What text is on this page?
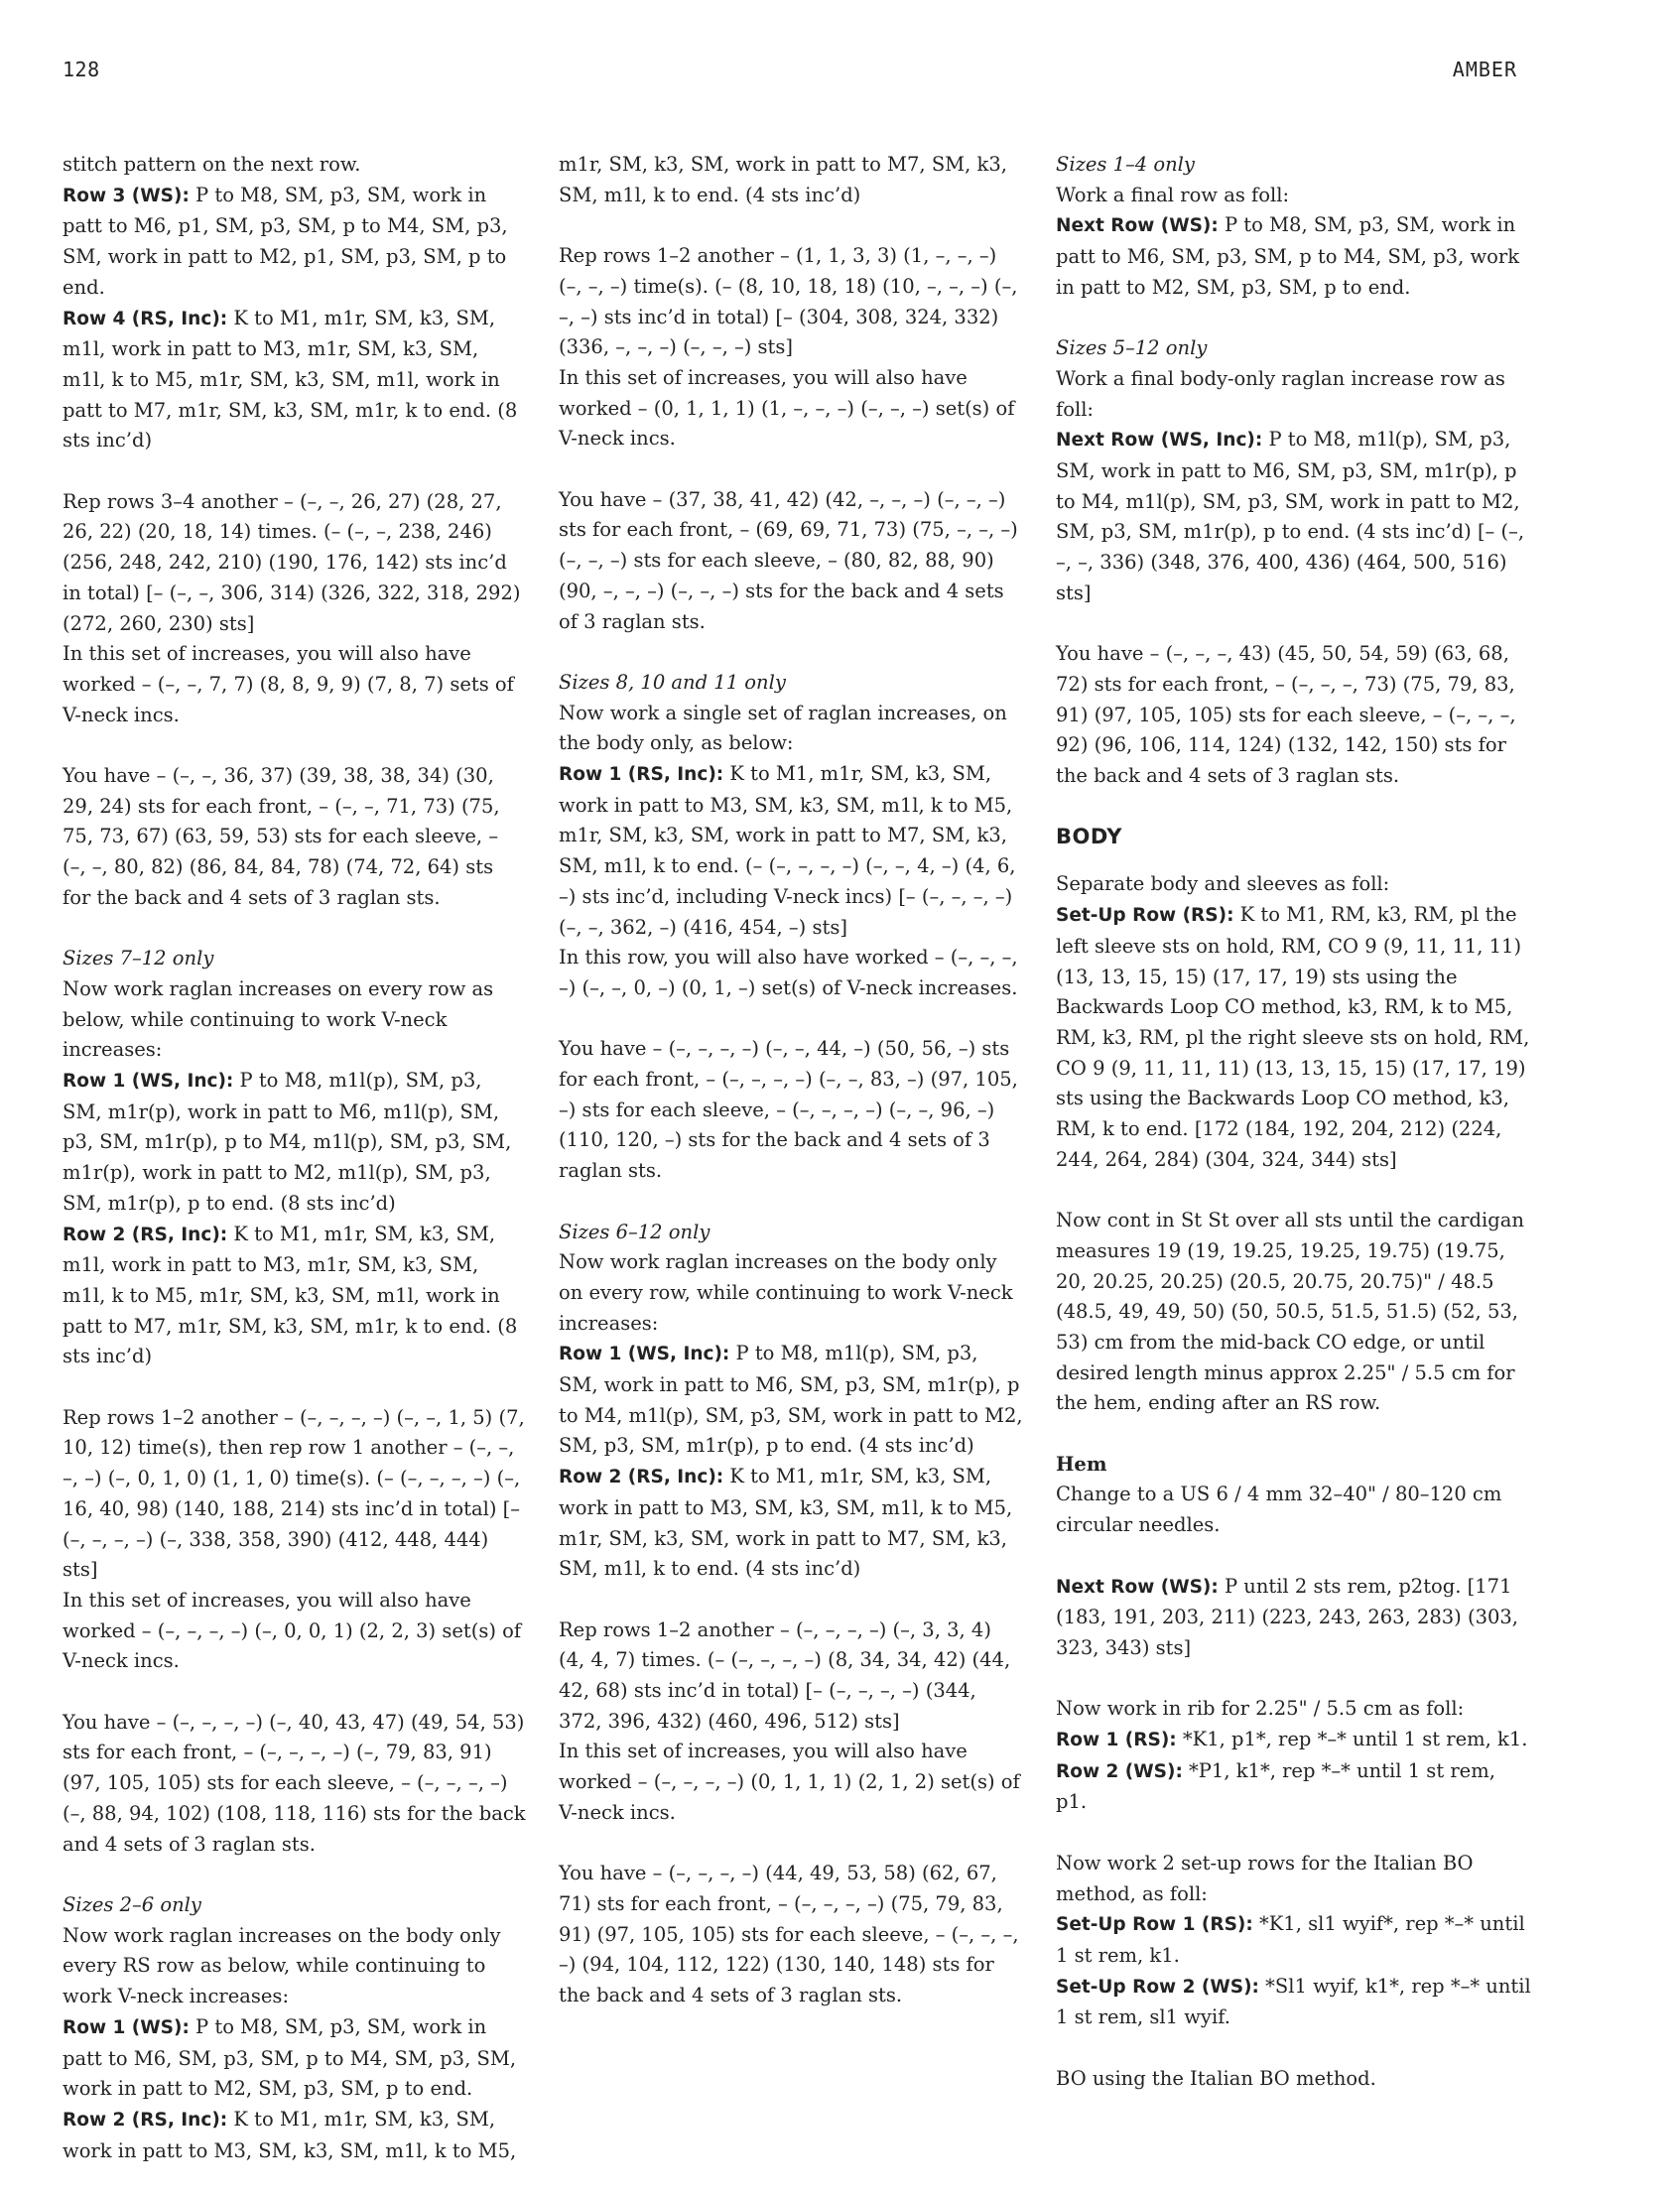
128	AMBER

stitch pattern on the next row.

Row 3 (WS): P to M8, SM, p3, SM, work in patt to M6, p1, SM, p3, SM, p to M4, SM, p3, SM, work in patt to M2, p1, SM, p3, SM, p to end.

Row 4 (RS, Inc): K to M1, m1r, SM, k3, SM, m1l, work in patt to M3, m1r, SM, k3, SM, m1l, k to M5, m1r, SM, k3, SM, m1l, work in patt to M7, m1r, SM, k3, SM, m1r, k to end. (8 sts inc’d)

Rep rows 3–4 another – (–, –, 26, 27) (28, 27, 26, 22) (20, 18, 14) times. (– (–, –, 238, 246) (256, 248, 242, 210) (190, 176, 142) sts inc’d in total) [– (–, –, 306, 314) (326, 322, 318, 292) (272, 260, 230) sts]

In this set of increases, you will also have worked – (–, –, 7, 7) (8, 8, 9, 9) (7, 8, 7) sets of V-neck incs.

You have – (–, –, 36, 37) (39, 38, 38, 34) (30, 29, 24) sts for each front, – (–, –, 71, 73) (75, 75, 73, 67) (63, 59, 53) sts for each sleeve, – (–, –, 80, 82) (86, 84, 84, 78) (74, 72, 64) sts for the back and 4 sets of 3 raglan sts.

Sizes 7–12 only

Now work raglan increases on every row as below, while continuing to work V-neck increases:

Row 1 (WS, Inc): P to M8, m1l(p), SM, p3, SM, m1r(p), work in patt to M6, m1l(p), SM, p3, SM, m1r(p), p to M4, m1l(p), SM, p3, SM, m1r(p), work in patt to M2, m1l(p), SM, p3, SM, m1r(p), p to end. (8 sts inc’d)

Row 2 (RS, Inc): K to M1, m1r, SM, k3, SM, m1l, work in patt to M3, m1r, SM, k3, SM, m1l, k to M5, m1r, SM, k3, SM, m1l, work in patt to M7, m1r, SM, k3, SM, m1r, k to end. (8 sts inc’d)

Rep rows 1–2 another – (–, –, –, –) (–, –, 1, 5) (7, 10, 12) time(s), then rep row 1 another – (–, –, –, –) (–, 0, 1, 0) (1, 1, 0) time(s). (– (–, –, –, –) (–, 16, 40, 98) (140, 188, 214) sts inc’d in total) [– (–, –, –, –) (–, 338, 358, 390) (412, 448, 444) sts]

In this set of increases, you will also have worked – (–, –, –, –) (–, 0, 0, 1) (2, 2, 3) set(s) of V-neck incs.

You have – (–, –, –, –) (–, 40, 43, 47) (49, 54, 53) sts for each front, – (–, –, –, –) (–, 79, 83, 91) (97, 105, 105) sts for each sleeve, – (–, –, –, –) (–, 88, 94, 102) (108, 118, 116) sts for the back and 4 sets of 3 raglan sts.

Sizes 2–6 only

Now work raglan increases on the body only every RS row as below, while continuing to work V-neck increases:

Row 1 (WS): P to M8, SM, p3, SM, work in patt to M6, SM, p3, SM, p to M4, SM, p3, SM, work in patt to M2, SM, p3, SM, p to end.

Row 2 (RS, Inc): K to M1, m1r, SM, k3, SM, work in patt to M3, SM, k3, SM, m1l, k to M5,

m1r, SM, k3, SM, work in patt to M7, SM, k3, SM, m1l, k to end. (4 sts inc’d)

Rep rows 1–2 another – (1, 1, 3, 3) (1, –, –, –) (–, –, –) time(s). (– (8, 10, 18, 18) (10, –, –, –) (–, –, –) sts inc’d in total) [– (304, 308, 324, 332) (336, –, –, –) (–, –, –) sts]

In this set of increases, you will also have worked – (0, 1, 1, 1) (1, –, –, –) (–, –, –) set(s) of V-neck incs.

You have – (37, 38, 41, 42) (42, –, –, –) (–, –, –) sts for each front, – (69, 69, 71, 73) (75, –, –, –) (–, –, –) sts for each sleeve, – (80, 82, 88, 90) (90, –, –, –) (–, –, –) sts for the back and 4 sets of 3 raglan sts.

Sizes 8, 10 and 11 only

Now work a single set of raglan increases, on the body only, as below:

Row 1 (RS, Inc): K to M1, m1r, SM, k3, SM, work in patt to M3, SM, k3, SM, m1l, k to M5, m1r, SM, k3, SM, work in patt to M7, SM, k3, SM, m1l, k to end. (– (–, –, –, –) (–, –, 4, –) (4, 6, –) sts inc’d, including V-neck incs) [– (–, –, –, –) (–, –, 362, –) (416, 454, –) sts]

In this row, you will also have worked – (–, –, –, –) (–, –, 0, –) (0, 1, –) set(s) of V-neck increases.

You have – (–, –, –, –) (–, –, 44, –) (50, 56, –) sts for each front, – (–, –, –, –) (–, –, 83, –) (97, 105, –) sts for each sleeve, – (–, –, –, –) (–, –, 96, –) (110, 120, –) sts for the back and 4 sets of 3 raglan sts.

Sizes 6–12 only

Now work raglan increases on the body only on every row, while continuing to work V-neck increases:

Row 1 (WS, Inc): P to M8, m1l(p), SM, p3, SM, work in patt to M6, SM, p3, SM, m1r(p), p to M4, m1l(p), SM, p3, SM, work in patt to M2, SM, p3, SM, m1r(p), p to end. (4 sts inc’d)

Row 2 (RS, Inc): K to M1, m1r, SM, k3, SM, work in patt to M3, SM, k3, SM, m1l, k to M5, m1r, SM, k3, SM, work in patt to M7, SM, k3, SM, m1l, k to end. (4 sts inc’d)

Rep rows 1–2 another – (–, –, –, –) (–, 3, 3, 4) (4, 4, 7) times. (– (–, –, –, –) (8, 34, 34, 42) (44, 42, 68) sts inc’d in total) [– (–, –, –, –) (344, 372, 396, 432) (460, 496, 512) sts]

In this set of increases, you will also have worked – (–, –, –, –) (0, 1, 1, 1) (2, 1, 2) set(s) of V-neck incs.

You have – (–, –, –, –) (44, 49, 53, 58) (62, 67, 71) sts for each front, – (–, –, –, –) (75, 79, 83, 91) (97, 105, 105) sts for each sleeve, – (–, –, –, –) (94, 104, 112, 122) (130, 140, 148) sts for the back and 4 sets of 3 raglan sts.

Sizes 1–4 only

Work a final row as foll:

Next Row (WS): P to M8, SM, p3, SM, work in patt to M6, SM, p3, SM, p to M4, SM, p3, work in patt to M2, SM, p3, SM, p to end.

Sizes 5–12 only

Work a final body-only raglan increase row as foll:

Next Row (WS, Inc): P to M8, m1l(p), SM, p3, SM, work in patt to M6, SM, p3, SM, m1r(p), p to M4, m1l(p), SM, p3, SM, work in patt to M2, SM, p3, SM, m1r(p), p to end. (4 sts inc’d) [– (–, –, –, 336) (348, 376, 400, 436) (464, 500, 516) sts]

You have – (–, –, –, 43) (45, 50, 54, 59) (63, 68, 72) sts for each front, – (–, –, –, 73) (75, 79, 83, 91) (97, 105, 105) sts for each sleeve, – (–, –, –, 92) (96, 106, 114, 124) (132, 142, 150) sts for the back and 4 sets of 3 raglan sts.

BODY

Separate body and sleeves as foll:

Set-Up Row (RS): K to M1, RM, k3, RM, pl the left sleeve sts on hold, RM, CO 9 (9, 11, 11, 11) (13, 13, 15, 15) (17, 17, 19) sts using the Backwards Loop CO method, k3, RM, k to M5, RM, k3, RM, pl the right sleeve sts on hold, RM, CO 9 (9, 11, 11, 11) (13, 13, 15, 15) (17, 17, 19) sts using the Backwards Loop CO method, k3, RM, k to end. [172 (184, 192, 204, 212) (224, 244, 264, 284) (304, 324, 344) sts]

Now cont in St St over all sts until the cardigan measures 19 (19, 19.25, 19.25, 19.75) (19.75, 20, 20.25, 20.25) (20.5, 20.75, 20.75)" / 48.5 (48.5, 49, 49, 50) (50, 50.5, 51.5, 51.5) (52, 53, 53) cm from the mid-back CO edge, or until desired length minus approx 2.25" / 5.5 cm for the hem, ending after an RS row.

Hem

Change to a US 6 / 4 mm 32–40" / 80–120 cm circular needles.

Next Row (WS): P until 2 sts rem, p2tog. [171 (183, 191, 203, 211) (223, 243, 263, 283) (303, 323, 343) sts]

Now work in rib for 2.25" / 5.5 cm as foll:

Row 1 (RS): *K1, p1*, rep *–* until 1 st rem, k1.

Row 2 (WS): *P1, k1*, rep *–* until 1 st rem, p1.

Now work 2 set-up rows for the Italian BO method, as foll:

Set-Up Row 1 (RS): *K1, sl1 wyif*, rep *–* until 1 st rem, k1.

Set-Up Row 2 (WS): *Sl1 wyif, k1*, rep *–* until 1 st rem, sl1 wyif.

BO using the Italian BO method.
